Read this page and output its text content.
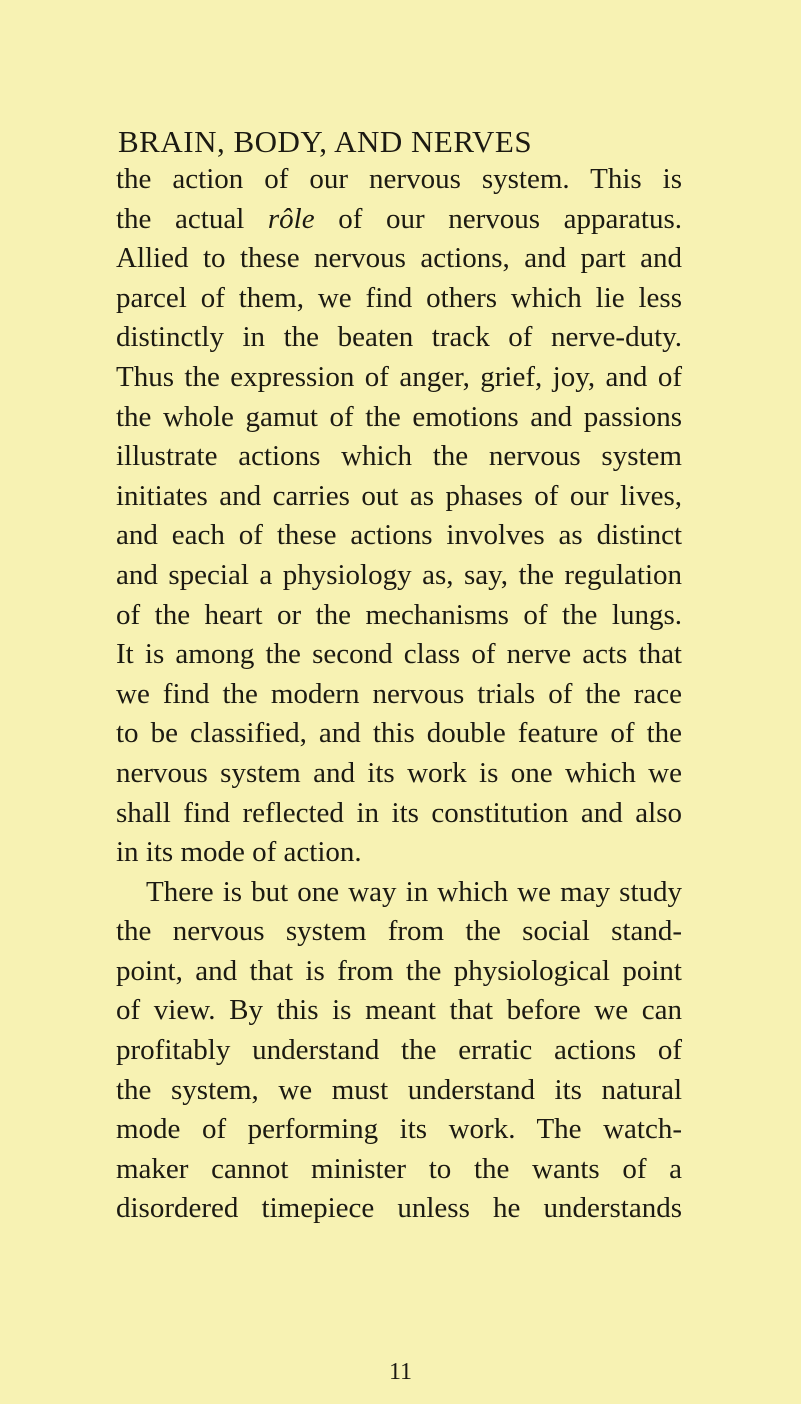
BRAIN, BODY, AND NERVES
the action of our nervous system. This is
the actual rôle of our nervous apparatus.
Allied to these nervous actions, and part and
parcel of them, we find others which lie less
distinctly in the beaten track of nerve-duty.
Thus the expression of anger, grief, joy, and of
the whole gamut of the emotions and passions
illustrate actions which the nervous system
initiates and carries out as phases of our lives,
and each of these actions involves as distinct
and special a physiology as, say, the regulation
of the heart or the mechanisms of the lungs.
It is among the second class of nerve acts that
we find the modern nervous trials of the race
to be classified, and this double feature of the
nervous system and its work is one which we
shall find reflected in its constitution and also
in its mode of action.
There is but one way in which we may study
the nervous system from the social stand-
point, and that is from the physiological point
of view. By this is meant that before we can
profitably understand the erratic actions of
the system, we must understand its natural
mode of performing its work. The watch-
maker cannot minister to the wants of a
disordered timepiece unless he understands
11
